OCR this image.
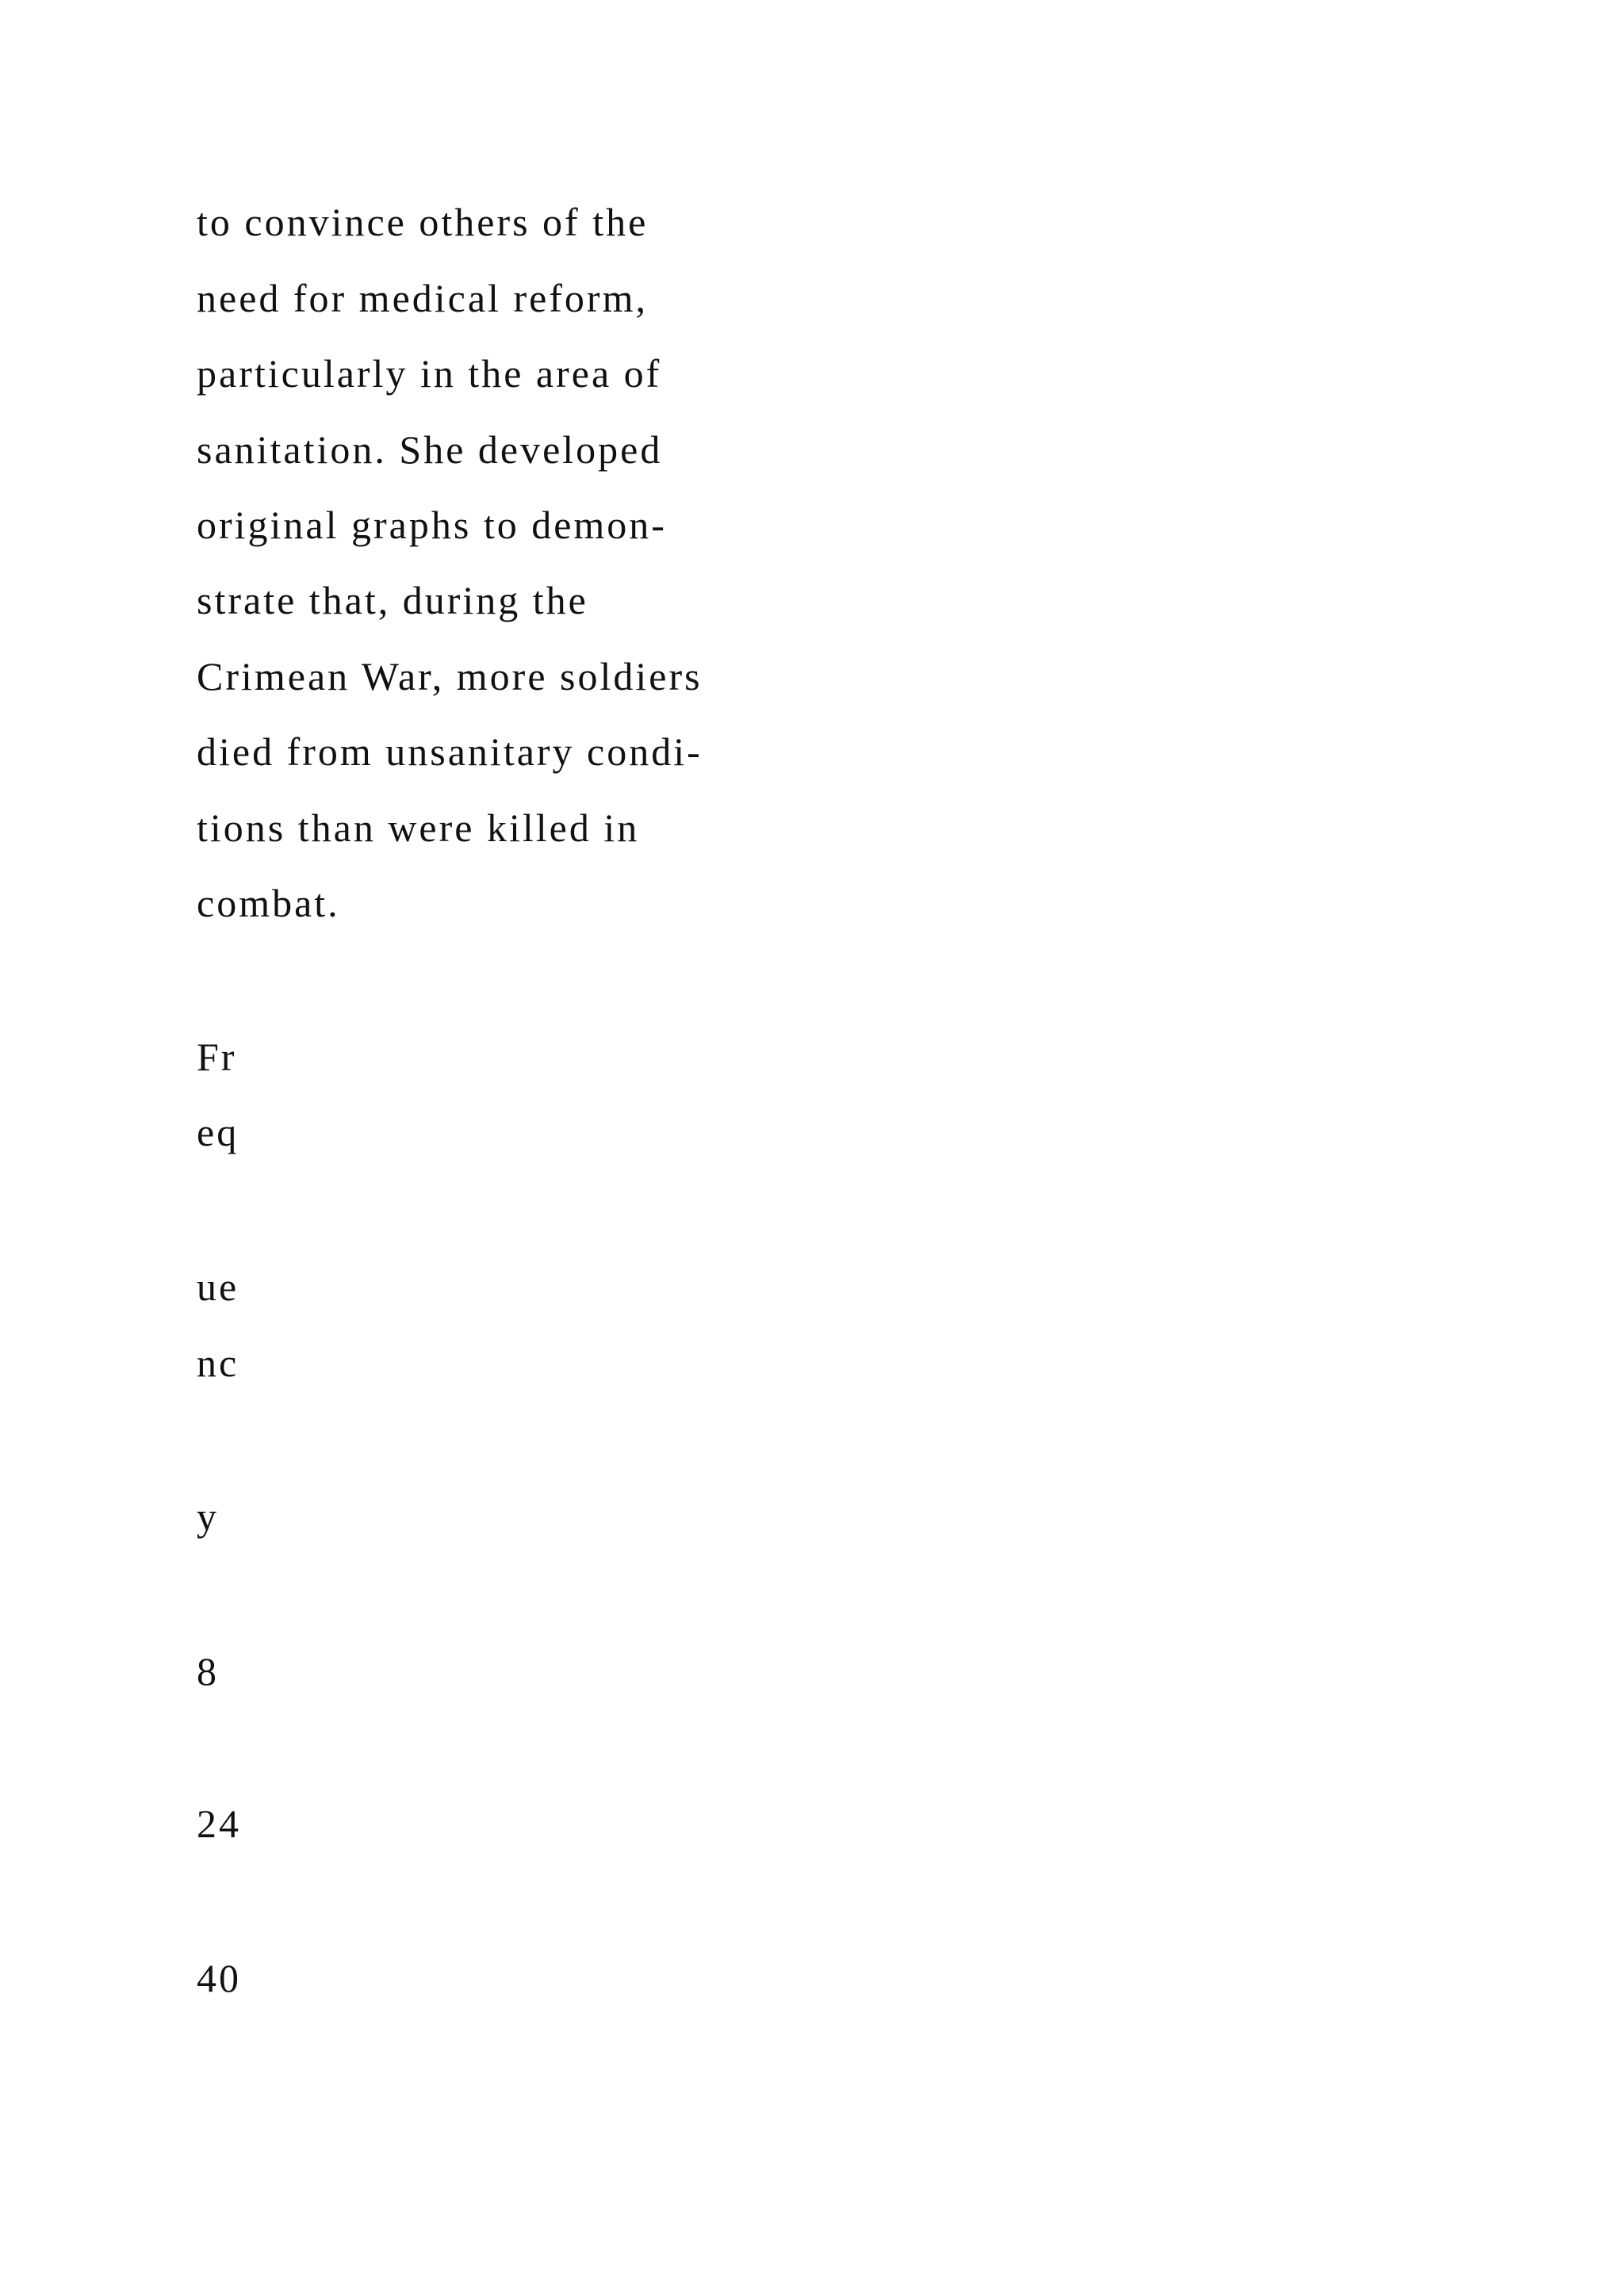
to convince others of the

need for medical reform,

particularly in the area of

sanitation. She developed

original graphs to demon-

strate that, during the

Crimean War, more soldiers

died from unsanitary condi-

tions than were killed in

combat.

Fr

eq

ue

nc

y

8

24

40
